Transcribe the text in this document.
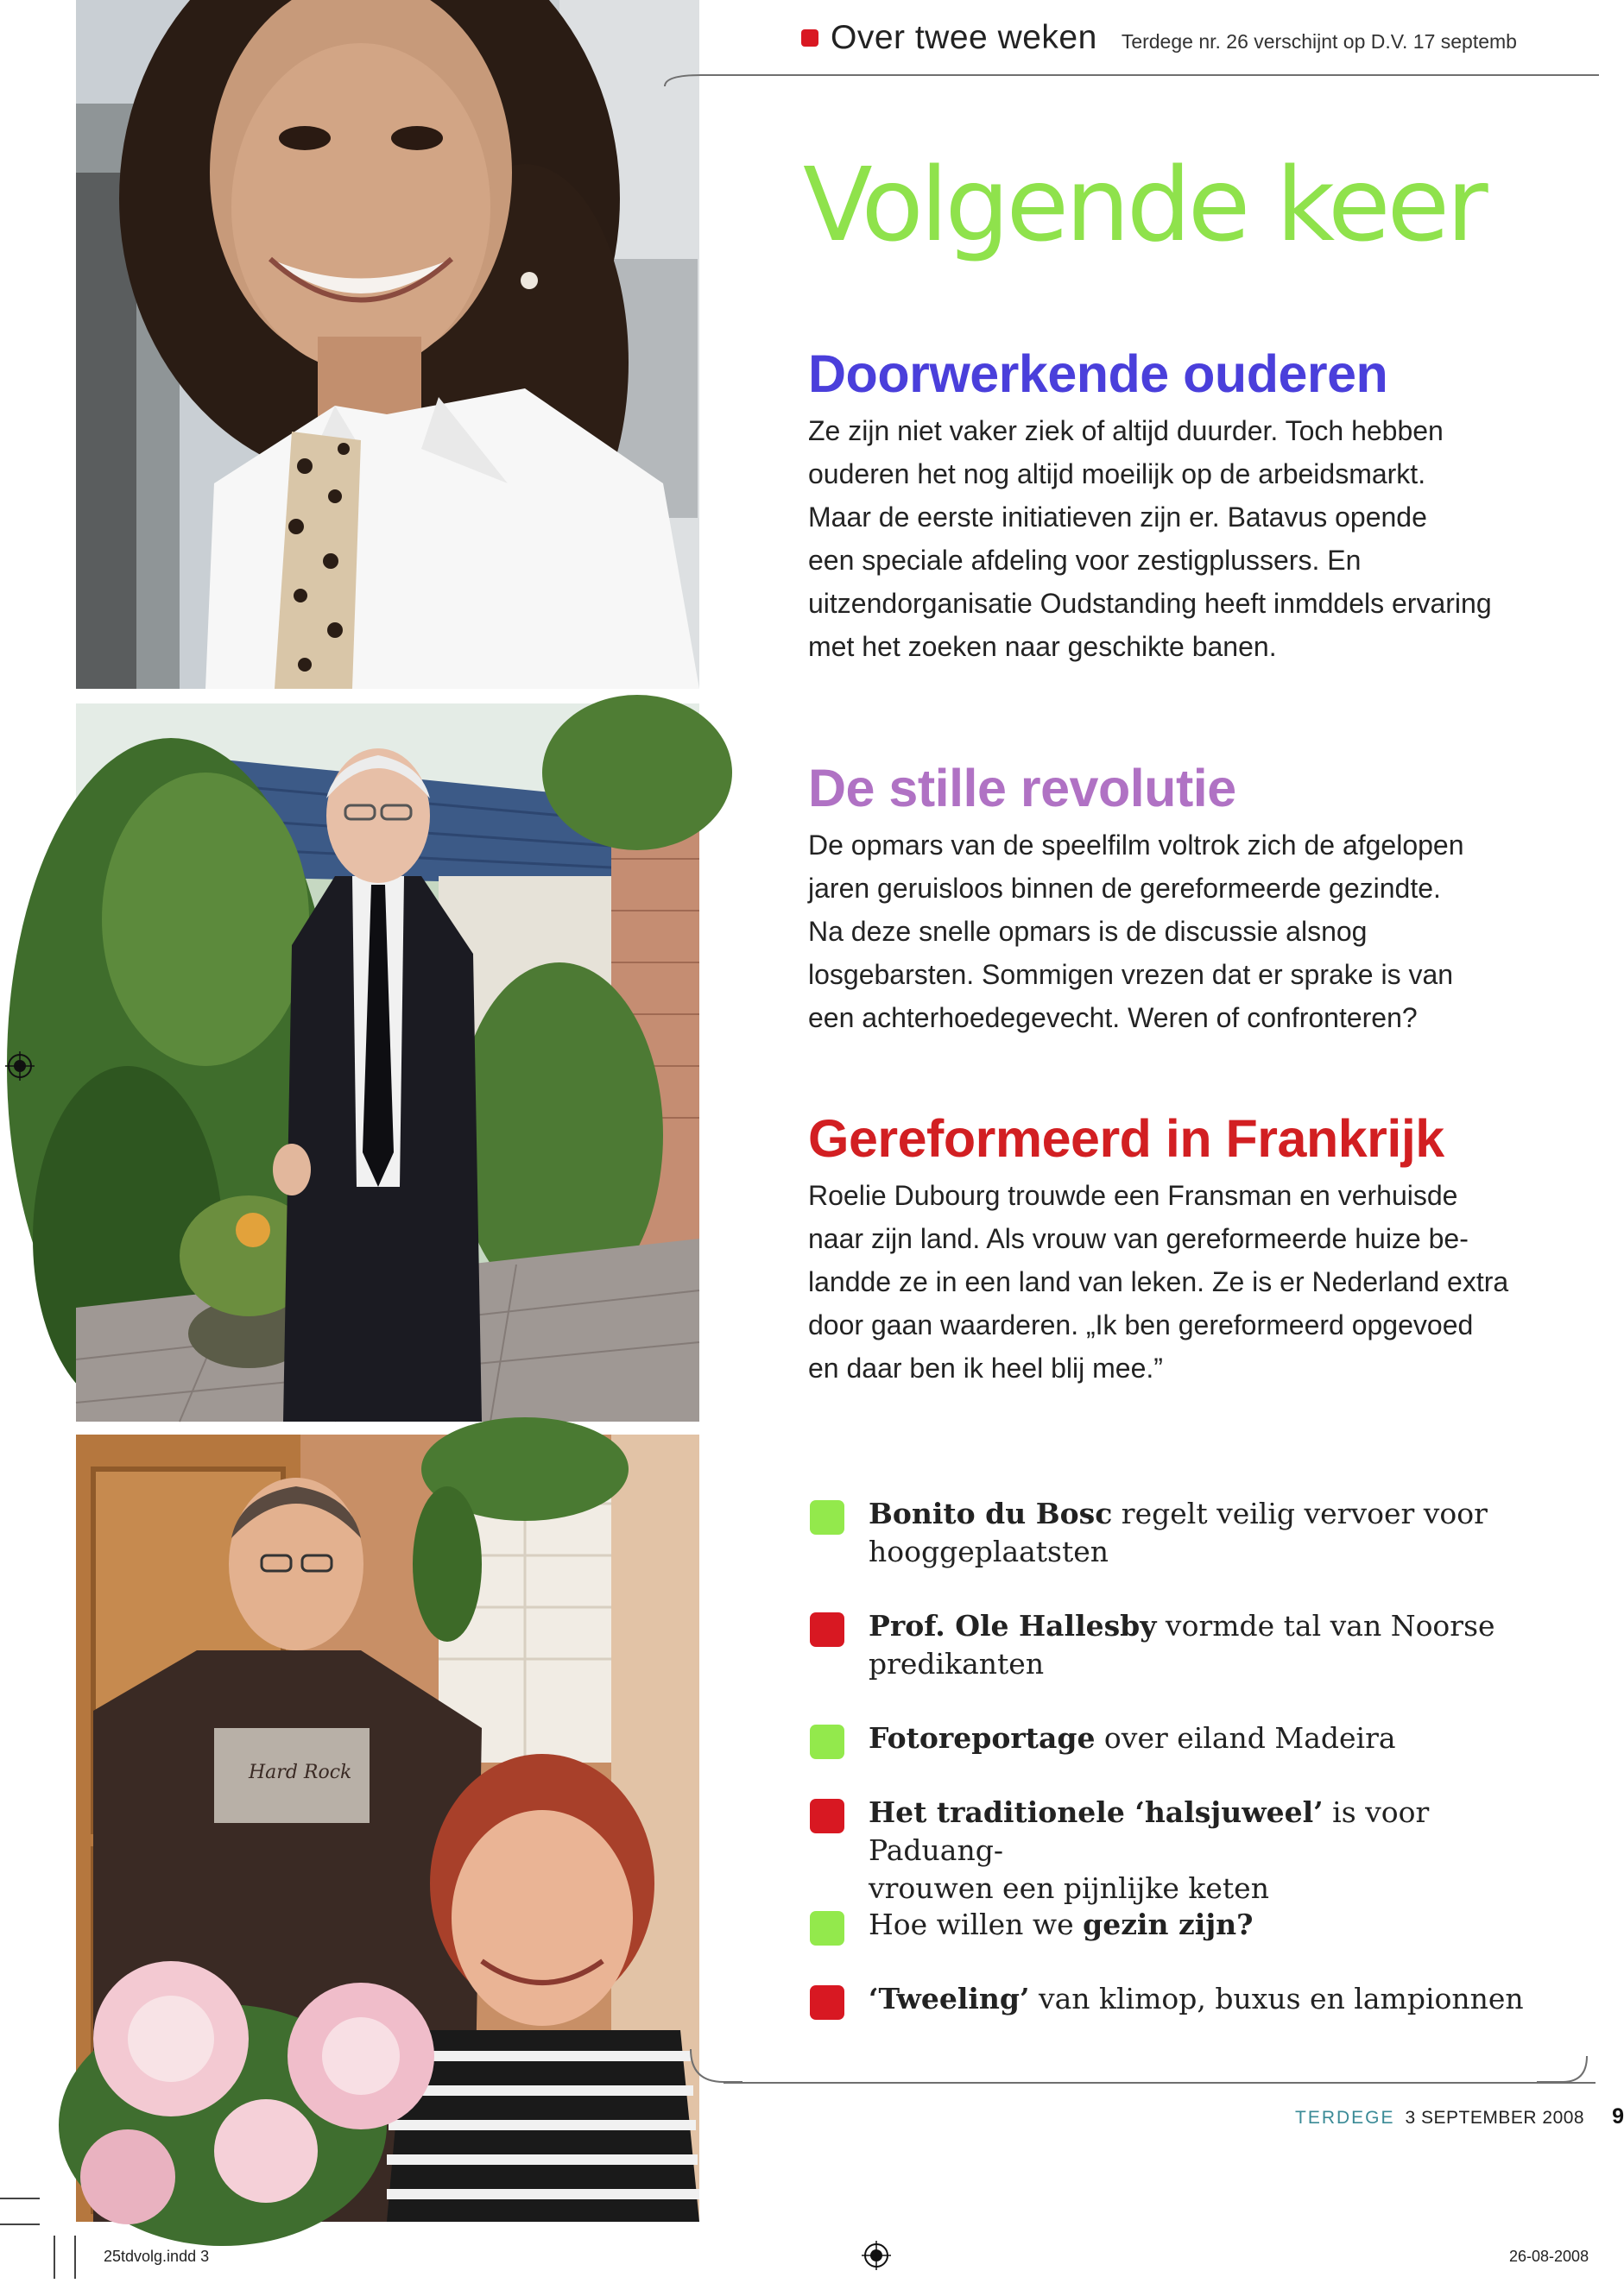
Hard Rock
Over twee weken Terdege nr. 26 verschijnt op D.V. 17 septemb
Volgende keer
Doorwerkende ouderen

Ze zijn niet vaker ziek of altijd duurder. Toch hebben

ouderen het nog altijd moeilijk op de arbeidsmarkt.

Maar de eerste initiatieven zijn er. Batavus opende

een speciale afdeling voor zestigplussers. En

uitzendorganisatie Oudstanding heeft inmddels ervaring

met het zoeken naar geschikte banen.

De stille revolutie

De opmars van de speelfilm voltrok zich de afgelopen

jaren geruisloos binnen de gereformeerde gezindte.

Na deze snelle opmars is de discussie alsnog

losgebarsten. Sommigen vrezen dat er sprake is van

een achterhoedegevecht. Weren of confronteren?

Gereformeerd in Frankrijk

Roelie Dubourg trouwde een Fransman en verhuisde

naar zijn land. Als vrouw van gereformeerde huize be-

landde ze in een land van leken. Ze is er Nederland extra

door gaan waarderen. „Ik ben gereformeerd opgevoed

en daar ben ik heel blij mee.”

Bonito du Bosc regelt veilig vervoer voor
hooggeplaatsten
Prof. Ole Hallesby vormde tal van Noorse
predikanten
Fotoreportage over eiland Madeira
Het traditionele ‘halsjuweel’ is voor Paduang-
vrouwen een pijnlijke keten
Hoe willen we gezin zijn?
‘Tweeling’ van klimop, buxus en lampionnen
TERDEGE 3 SEPTEMBER 2008 9
25tdvolg.indd 3	26-08-2008
